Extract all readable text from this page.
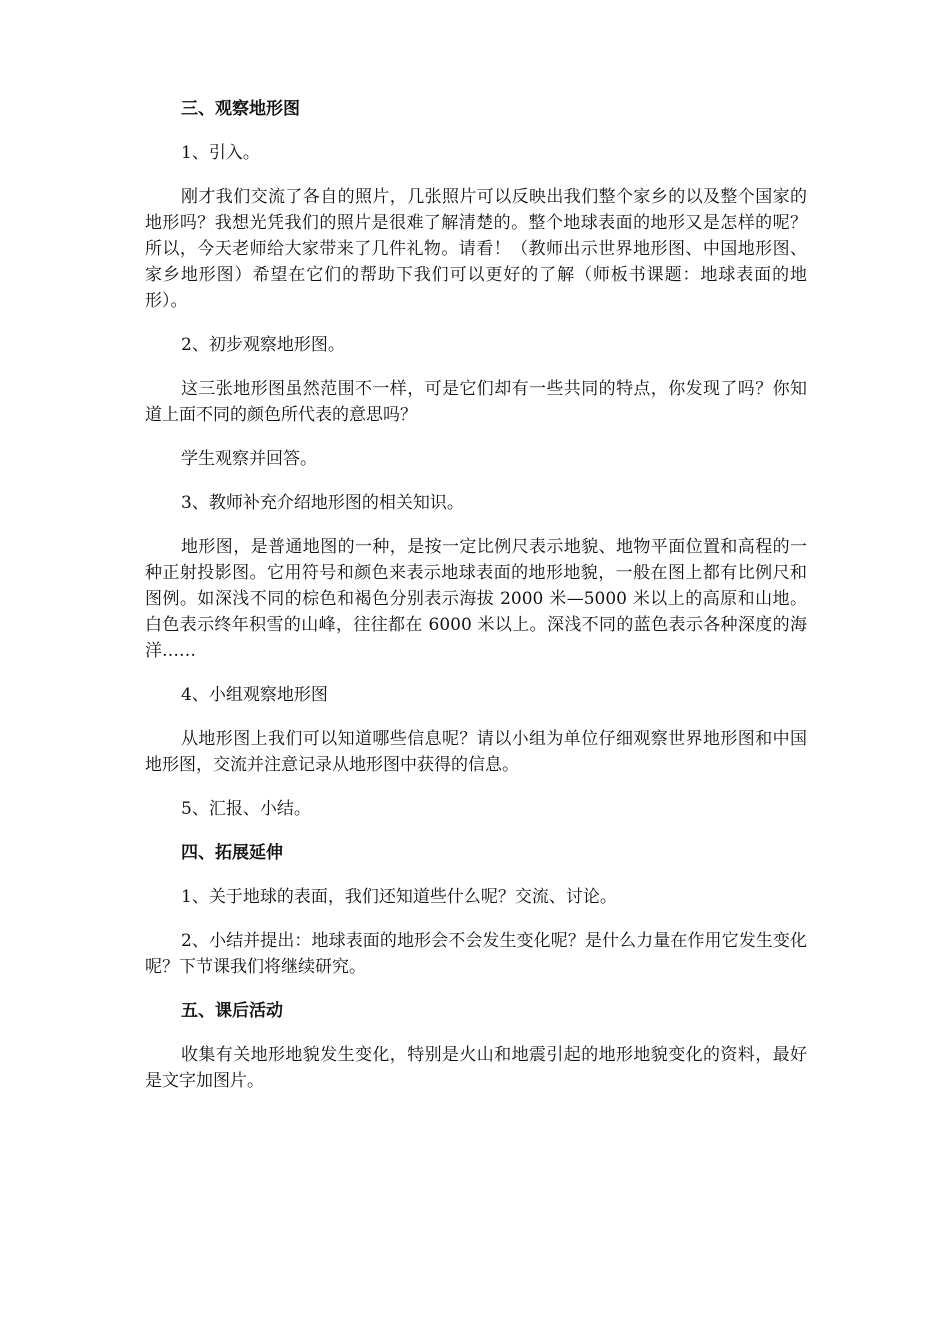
三、观察地形图
1、引入。
刚才我们交流了各自的照片，几张照片可以反映出我们整个家乡的以及整个国家的地形吗？我想光凭我们的照片是很难了解清楚的。整个地球表面的地形又是怎样的呢？所以，今天老师给大家带来了几件礼物。请看！（教师出示世界地形图、中国地形图、家乡地形图）希望在它们的帮助下我们可以更好的了解（师板书课题：地球表面的地形）。
2、初步观察地形图。
这三张地形图虽然范围不一样，可是它们却有一些共同的特点，你发现了吗？你知道上面不同的颜色所代表的意思吗？
学生观察并回答。
3、教师补充介绍地形图的相关知识。
地形图，是普通地图的一种，是按一定比例尺表示地貌、地物平面位置和高程的一种正射投影图。它用符号和颜色来表示地球表面的地形地貌，一般在图上都有比例尺和图例。如深浅不同的棕色和褐色分别表示海拔 2000 米—5000 米以上的高原和山地。白色表示终年积雪的山峰，往往都在 6000 米以上。深浅不同的蓝色表示各种深度的海洋……
4、小组观察地形图
从地形图上我们可以知道哪些信息呢？请以小组为单位仔细观察世界地形图和中国地形图，交流并注意记录从地形图中获得的信息。
5、汇报、小结。
四、拓展延伸
1、关于地球的表面，我们还知道些什么呢？交流、讨论。
2、小结并提出：地球表面的地形会不会发生变化呢？是什么力量在作用它发生变化呢？下节课我们将继续研究。
五、课后活动
收集有关地形地貌发生变化，特别是火山和地震引起的地形地貌变化的资料，最好是文字加图片。
